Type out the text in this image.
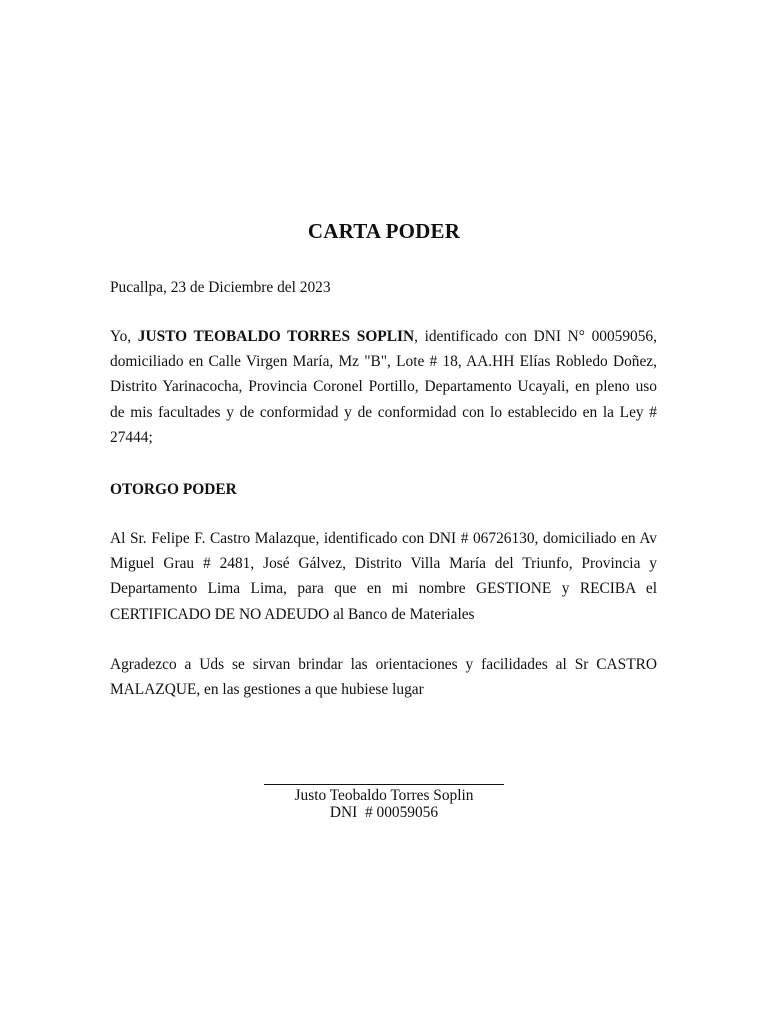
CARTA PODER
Pucallpa, 23 de Diciembre del 2023
Yo, JUSTO TEOBALDO TORRES SOPLIN, identificado con DNI N° 00059056, domiciliado en Calle Virgen María, Mz "B", Lote # 18, AA.HH Elías Robledo Doñez, Distrito Yarinacocha, Provincia Coronel Portillo, Departamento Ucayali, en pleno uso de mis facultades y de conformidad y de conformidad con lo establecido en la Ley # 27444;
OTORGO PODER
Al Sr. Felipe F. Castro Malazque, identificado con DNI # 06726130, domiciliado en Av Miguel Grau # 2481, José Gálvez, Distrito Villa María del Triunfo, Provincia y Departamento Lima Lima, para que en mi nombre GESTIONE y RECIBA el CERTIFICADO DE NO ADEUDO al Banco de Materiales
Agradezco a Uds se sirvan brindar las orientaciones y facilidades al Sr CASTRO MALAZQUE, en las gestiones a que hubiese lugar
Justo Teobaldo Torres Soplin
DNI  # 00059056
